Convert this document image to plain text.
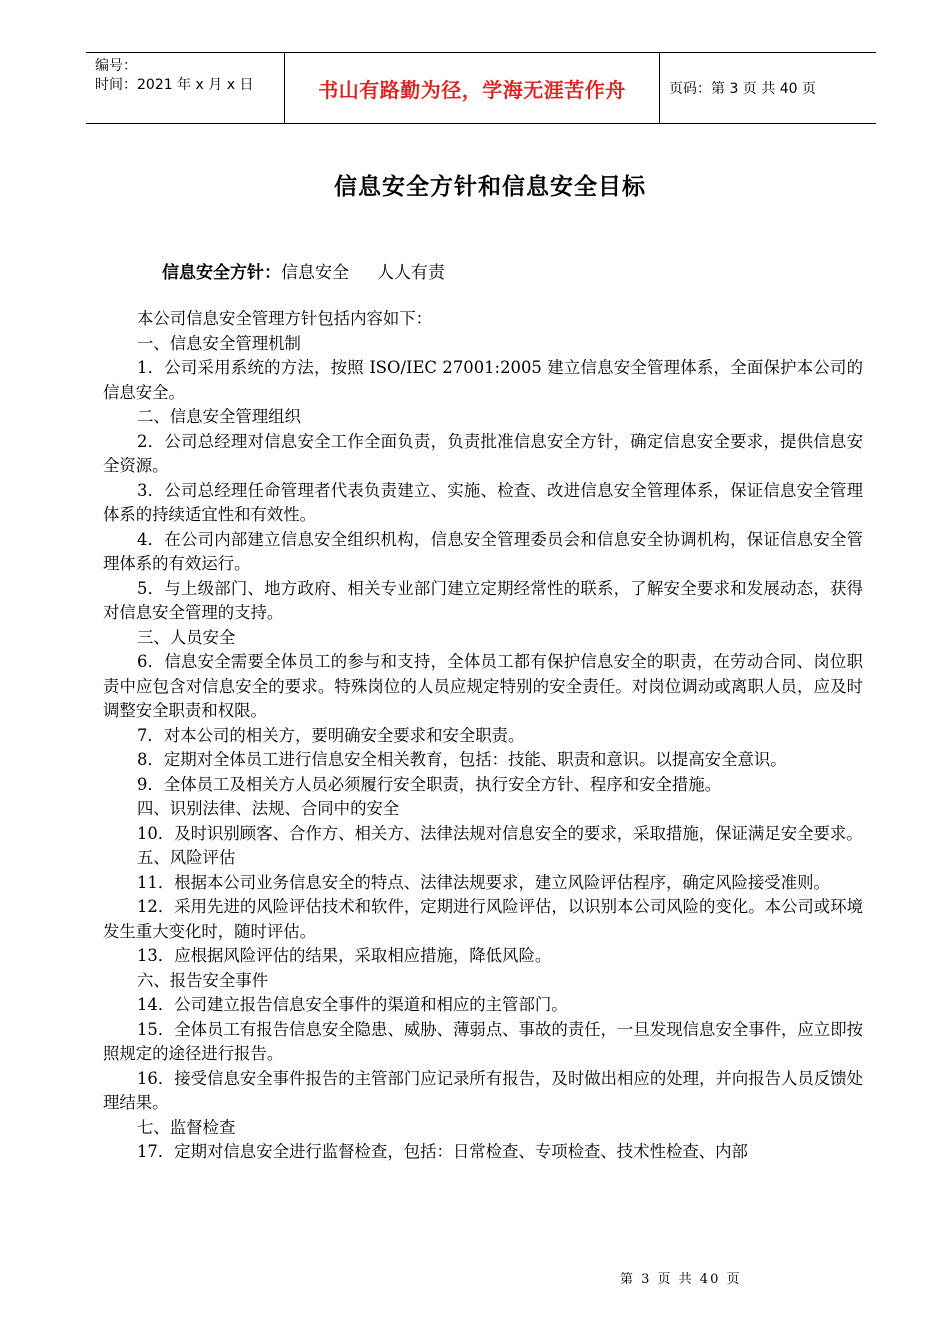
编号：
时间：2021 年 x 月 x 日	书山有路勤为径，学海无涯苦作舟	页码：第 3 页 共 40 页
信息安全方针和信息安全目标
信息安全方针：信息安全 人人有责

本公司信息安全管理方针包括内容如下：

一、信息安全管理机制

1．公司采用系统的方法，按照 ISO/IEC 27001:2005 建立信息安全管理体系，全面保护本公司的信息安全。

二、信息安全管理组织

2．公司总经理对信息安全工作全面负责，负责批准信息安全方针，确定信息安全要求，提供信息安全资源。

3．公司总经理任命管理者代表负责建立、实施、检查、改进信息安全管理体系，保证信息安全管理体系的持续适宜性和有效性。

4．在公司内部建立信息安全组织机构，信息安全管理委员会和信息安全协调机构，保证信息安全管理体系的有效运行。

5．与上级部门、地方政府、相关专业部门建立定期经常性的联系，了解安全要求和发展动态，获得对信息安全管理的支持。

三、人员安全

6．信息安全需要全体员工的参与和支持，全体员工都有保护信息安全的职责，在劳动合同、岗位职责中应包含对信息安全的要求。特殊岗位的人员应规定特别的安全责任。对岗位调动或离职人员，应及时调整安全职责和权限。

7．对本公司的相关方，要明确安全要求和安全职责。

8．定期对全体员工进行信息安全相关教育，包括：技能、职责和意识。以提高安全意识。

9．全体员工及相关方人员必须履行安全职责，执行安全方针、程序和安全措施。

四、识别法律、法规、合同中的安全

10．及时识别顾客、合作方、相关方、法律法规对信息安全的要求，采取措施，保证满足安全要求。

五、风险评估

11．根据本公司业务信息安全的特点、法律法规要求，建立风险评估程序，确定风险接受准则。

12．采用先进的风险评估技术和软件，定期进行风险评估，以识别本公司风险的变化。本公司或环境发生重大变化时，随时评估。

13．应根据风险评估的结果，采取相应措施，降低风险。

六、报告安全事件

14．公司建立报告信息安全事件的渠道和相应的主管部门。

15．全体员工有报告信息安全隐患、威胁、薄弱点、事故的责任，一旦发现信息安全事件，应立即按照规定的途径进行报告。

16．接受信息安全事件报告的主管部门应记录所有报告，及时做出相应的处理，并向报告人员反馈处理结果。

七、监督检查

17．定期对信息安全进行监督检查，包括：日常检查、专项检查、技术性检查、内部

第 3 页 共 40 页
